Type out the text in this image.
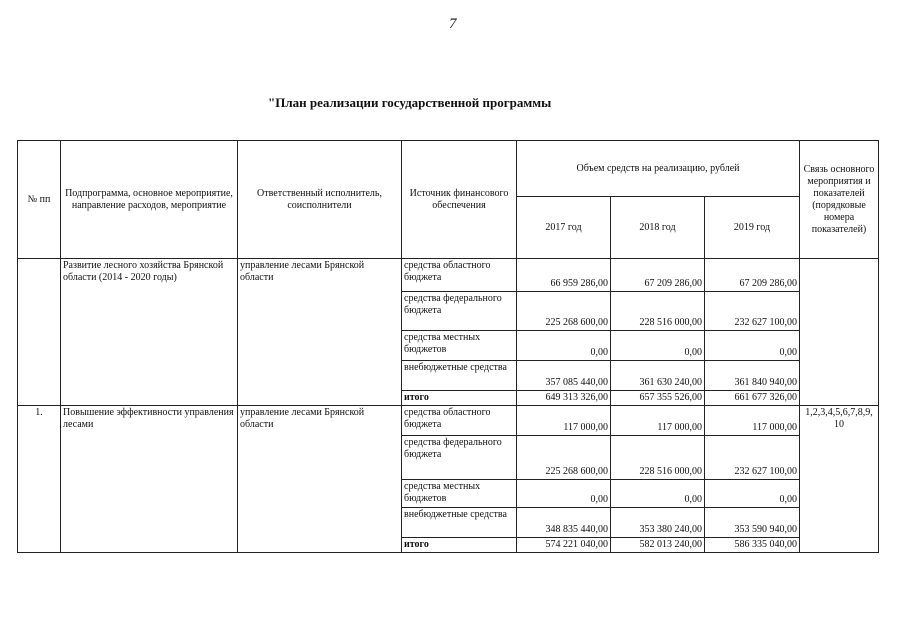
7
"План реализации государственной программы
№ пп	Подпрограмма, основное мероприятие, направление расходов, мероприятие	Ответственный исполнитель, соисполнители	Источник финансового обеспечения	Объем средств на реализацию, рублей			Связь основного мероприятия и показателей (порядковые номера показателей)
				2017 год	2018 год	2019 год	
	Развитие лесного хозяйства Брянской области (2014 - 2020 годы)	управление лесами Брянской области	средства областного бюджета	66 959 286,00	67 209 286,00	67 209 286,00	
			средства федерального бюджета	225 268 600,00	228 516 000,00	232 627 100,00	
			средства местных бюджетов	0,00	0,00	0,00	
			внебюджетные средства	357 085 440,00	361 630 240,00	361 840 940,00	
			итого	649 313 326,00	657 355 526,00	661 677 326,00	
1.	Повышение эффективности управления лесами	управление лесами Брянской области	средства областного бюджета	117 000,00	117 000,00	117 000,00	1,2,3,4,5,6,7,8,9, 10
			средства федерального бюджета	225 268 600,00	228 516 000,00	232 627 100,00	
			средства местных бюджетов	0,00	0,00	0,00	
			внебюджетные средства	348 835 440,00	353 380 240,00	353 590 940,00	
			итого	574 221 040,00	582 013 240,00	586 335 040,00	
